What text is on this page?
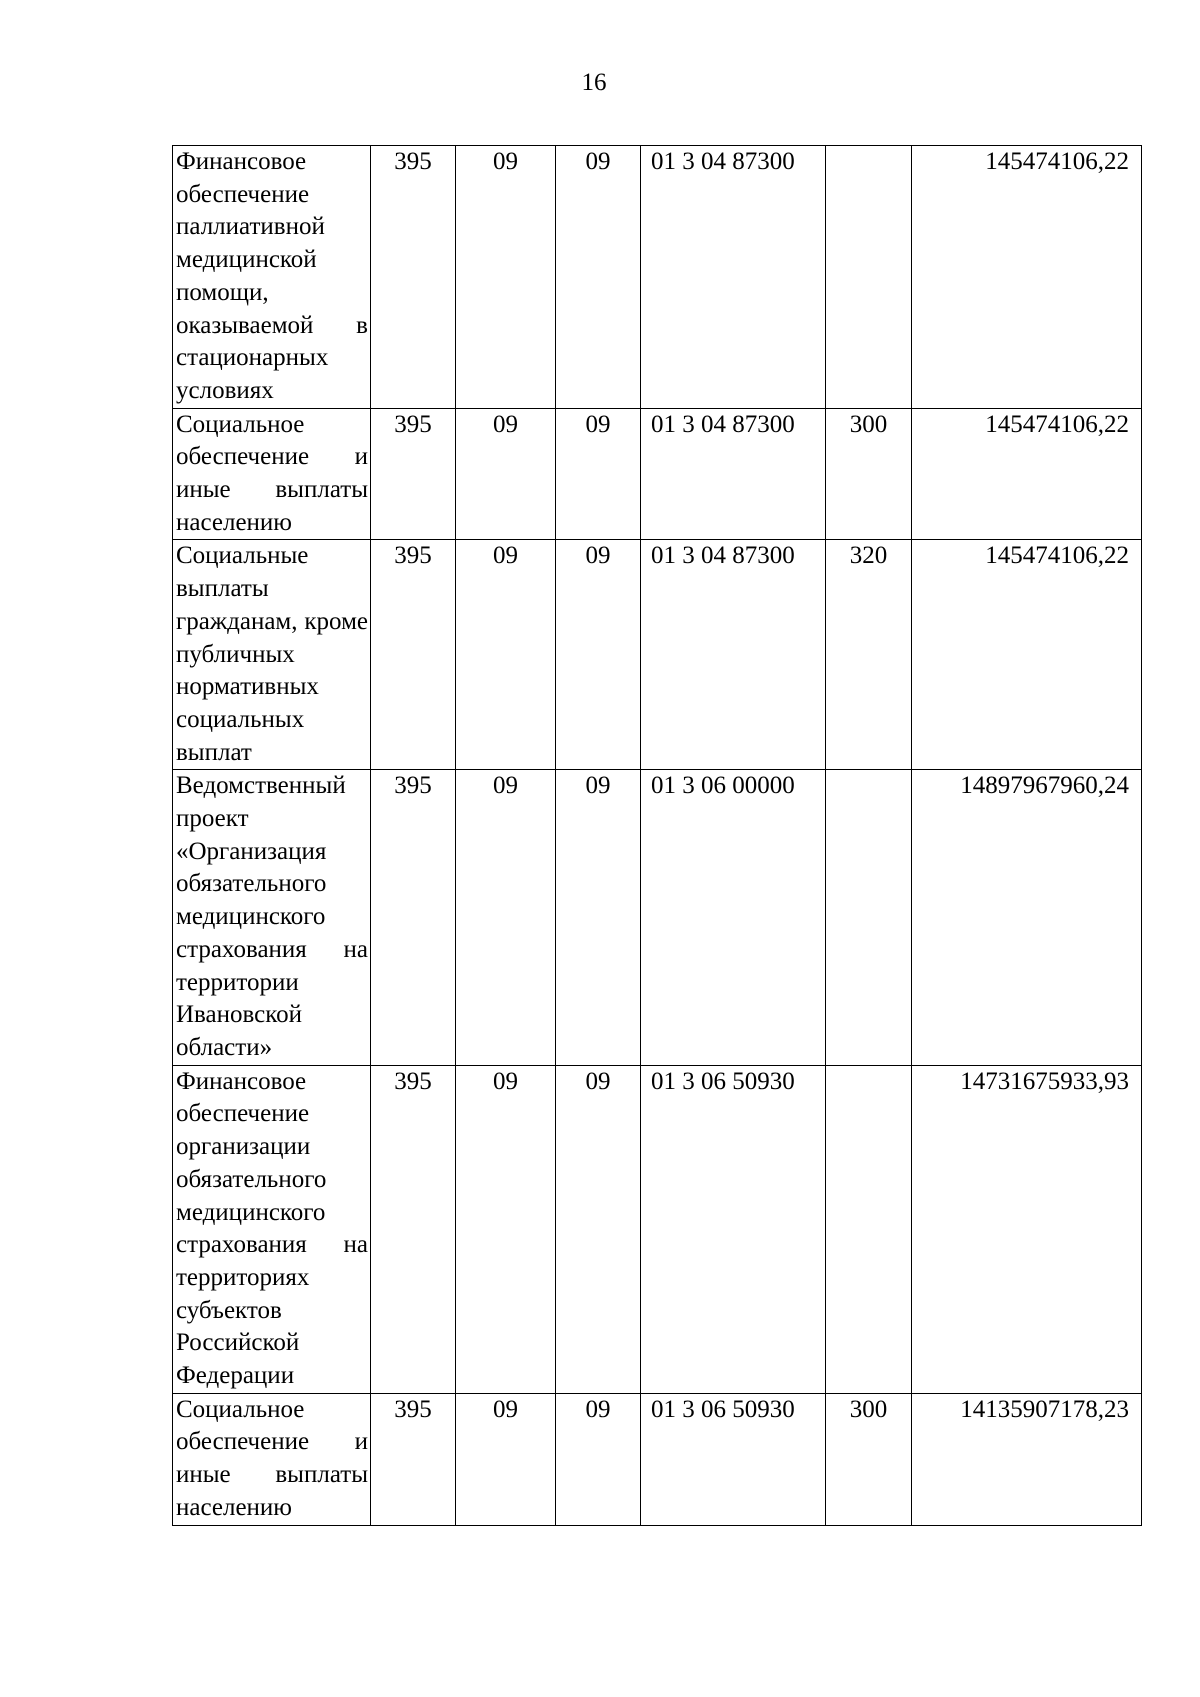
16
Финансовое обеспечение паллиативной медицинской помощи, оказываемой в стационарных условиях	395	09	09	01 3 04 87300		145474106,22
Социальное обеспечение и иные выплаты населению	395	09	09	01 3 04 87300	300	145474106,22
Социальные выплаты гражданам, кроме публичных нормативных социальных выплат	395	09	09	01 3 04 87300	320	145474106,22
Ведомственный проект «Организация обязательного медицинского страхования на территории Ивановской области»	395	09	09	01 3 06 00000		14897967960,24
Финансовое обеспечение организации обязательного медицинского страхования на территориях субъектов Российской Федерации	395	09	09	01 3 06 50930		14731675933,93
Социальное обеспечение и иные выплаты населению	395	09	09	01 3 06 50930	300	14135907178,23
